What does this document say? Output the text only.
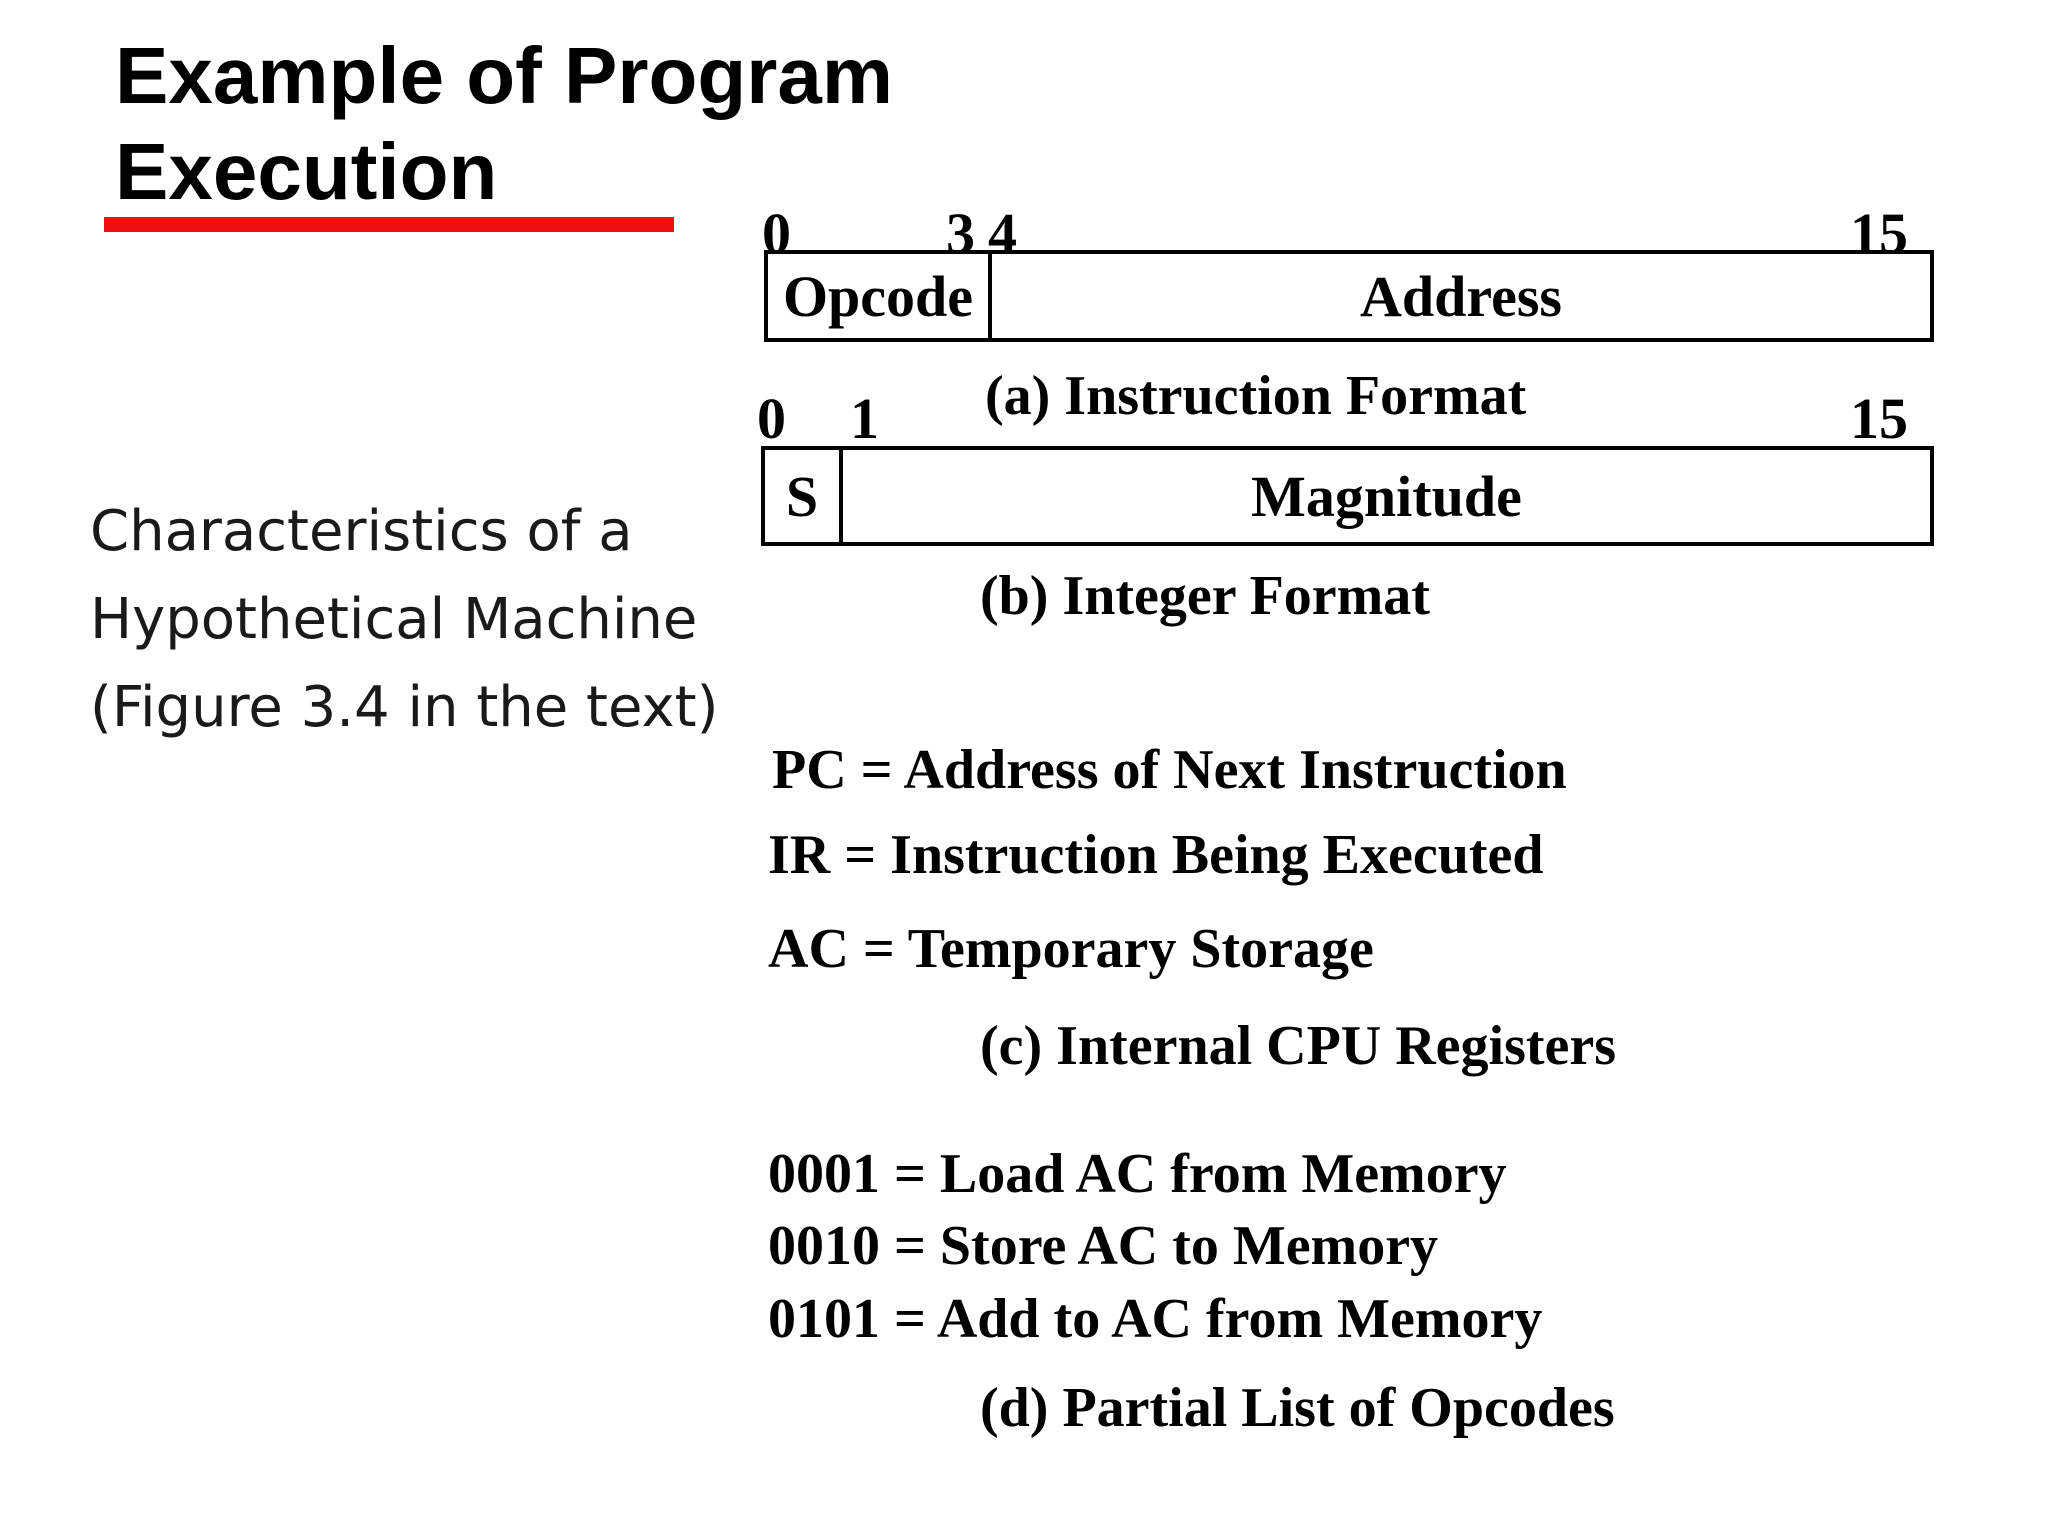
Example of Program
Execution
Characteristics of a
Hypothetical Machine
(Figure 3.4 in the text)
0	3 4	15
Opcode	Address
(a) Instruction Format
0 1	15
S	Magnitude
(b) Integer Format
PC = Address of Next Instruction
IR = Instruction Being Executed
AC = Temporary Storage
(c) Internal CPU Registers
0001 = Load AC from Memory
0010 = Store AC to Memory
0101 = Add to AC from Memory
(d) Partial List of Opcodes
